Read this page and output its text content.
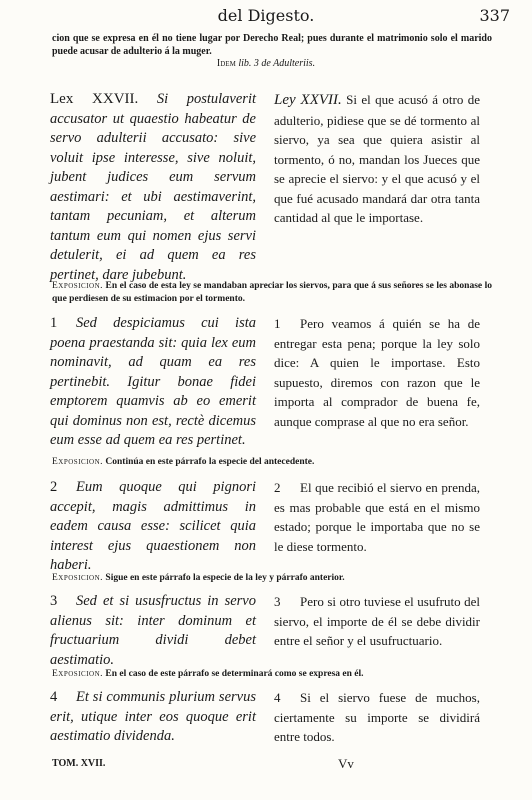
del Digesto.	337
cion que se expresa en él no tiene lugar por Derecho Real; pues durante el matrimonio solo el marido puede acusar de adulterio á la muger.
Idem lib. 3 de Adulteriis.
Lex XXVII. Si postulaverit accusator ut quaestio habeatur de servo adulterii accusato: sive voluit ipse interesse, sive noluit, jubent judices eum servum aestimari: et ubi aestimaverint, tantam pecuniam, et alterum tantum eum qui nomen ejus servi detulerit, ei ad quem ea res pertinet, dare jubebunt.
Ley XXVII. Si el que acusó á otro de adulterio, pidiese que se dé tormento al siervo, ya sea que quiera asistir al tormento, ó no, mandan los Jueces que se aprecie el siervo: y el que acusó y el que fué acusado mandará dar otra tanta cantidad al que le importase.
Exposicion. En el caso de esta ley se mandaban apreciar los siervos, para que á sus señores se les abonase lo que perdiesen de su estimacion por el tormento.
1 Sed despiciamus cui ista poena praestanda sit: quia lex eum nominavit, ad quam ea res pertinebit. Igitur bonae fidei emptorem quamvis ab eo emerit qui dominus non est, rectè dicemus eum esse ad quem ea res pertinet.
1 Pero veamos á quién se ha de entregar esta pena; porque la ley solo dice: A quien le importase. Esto supuesto, diremos con razon que le importa al comprador de buena fe, aunque comprase al que no era señor.
Exposicion. Continúa en este párrafo la especie del antecedente.
2 Eum quoque qui pignori accepit, magis admittimus in eadem causa esse: scilicet quia interest ejus quaestionem non haberi.
2 El que recibió el siervo en prenda, es mas probable que está en el mismo estado; porque le importaba que no se le diese tormento.
Exposicion. Sigue en este párrafo la especie de la ley y párrafo anterior.
3 Sed et si ususfructus in servo alienus sit: inter dominum et fructuarium dividi debet aestimatio.
3 Pero si otro tuviese el usufruto del siervo, el importe de él se debe dividir entre el señor y el usufructuario.
Exposicion. En el caso de este párrafo se determinará como se expresa en él.
4 Et si communis plurium servus erit, utique inter eos quoque erit aestimatio dividenda.
4 Si el siervo fuese de muchos, ciertamente su importe se dividirá entre todos.
TOM. XVII.	Vv
